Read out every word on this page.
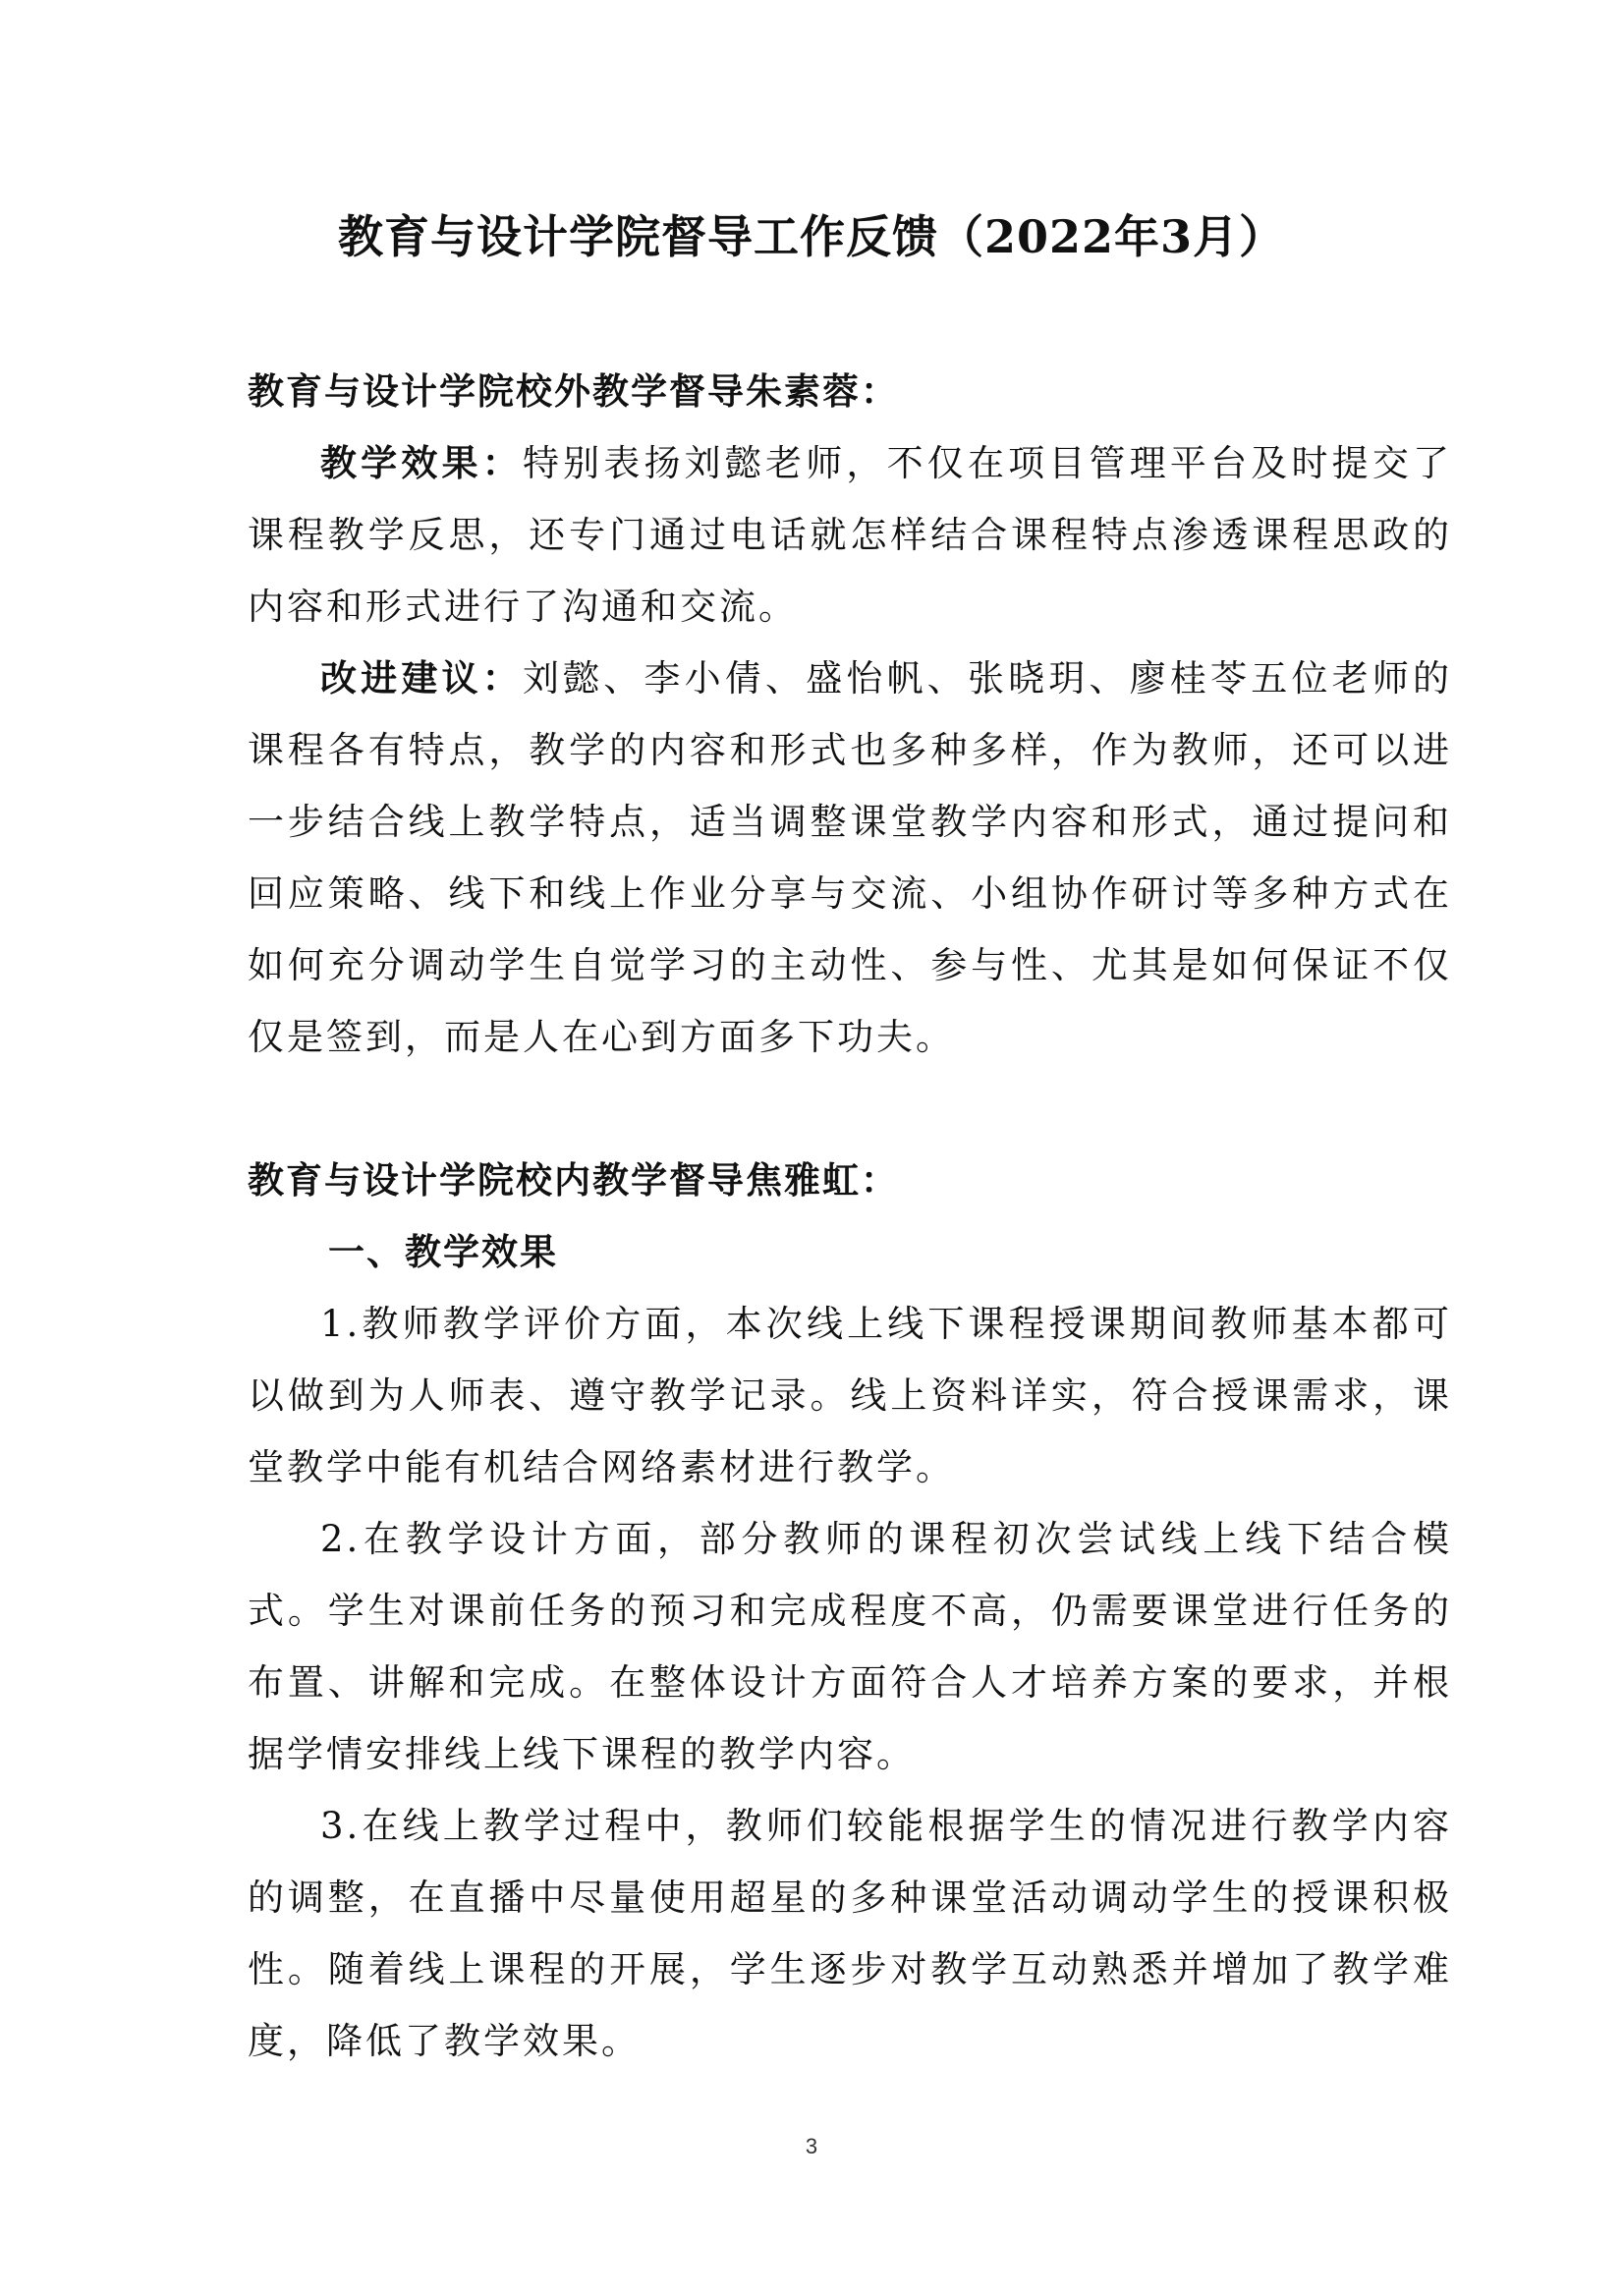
教育与设计学院督导工作反馈（2022年3月）
教育与设计学院校外教学督导朱素蓉：

教学效果：特别表扬刘懿老师，不仅在项目管理平台及时提交了课程教学反思，还专门通过电话就怎样结合课程特点渗透课程思政的内容和形式进行了沟通和交流。

改进建议：刘懿、李小倩、盛怡帆、张晓玥、廖桂苓五位老师的课程各有特点，教学的内容和形式也多种多样，作为教师，还可以进一步结合线上教学特点，适当调整课堂教学内容和形式，通过提问和回应策略、线下和线上作业分享与交流、小组协作研讨等多种方式在如何充分调动学生自觉学习的主动性、参与性、尤其是如何保证不仅仅是签到，而是人在心到方面多下功夫。

教育与设计学院校内教学督导焦雅虹：
一、教学效果

1.教师教学评价方面，本次线上线下课程授课期间教师基本都可以做到为人师表、遵守教学记录。线上资料详实，符合授课需求，课堂教学中能有机结合网络素材进行教学。

2.在教学设计方面，部分教师的课程初次尝试线上线下结合模式。学生对课前任务的预习和完成程度不高，仍需要课堂进行任务的布置、讲解和完成。在整体设计方面符合人才培养方案的要求，并根据学情安排线上线下课程的教学内容。

3.在线上教学过程中，教师们较能根据学生的情况进行教学内容的调整，在直播中尽量使用超星的多种课堂活动调动学生的授课积极性。随着线上课程的开展，学生逐步对教学互动熟悉并增加了教学难度，降低了教学效果。

3
